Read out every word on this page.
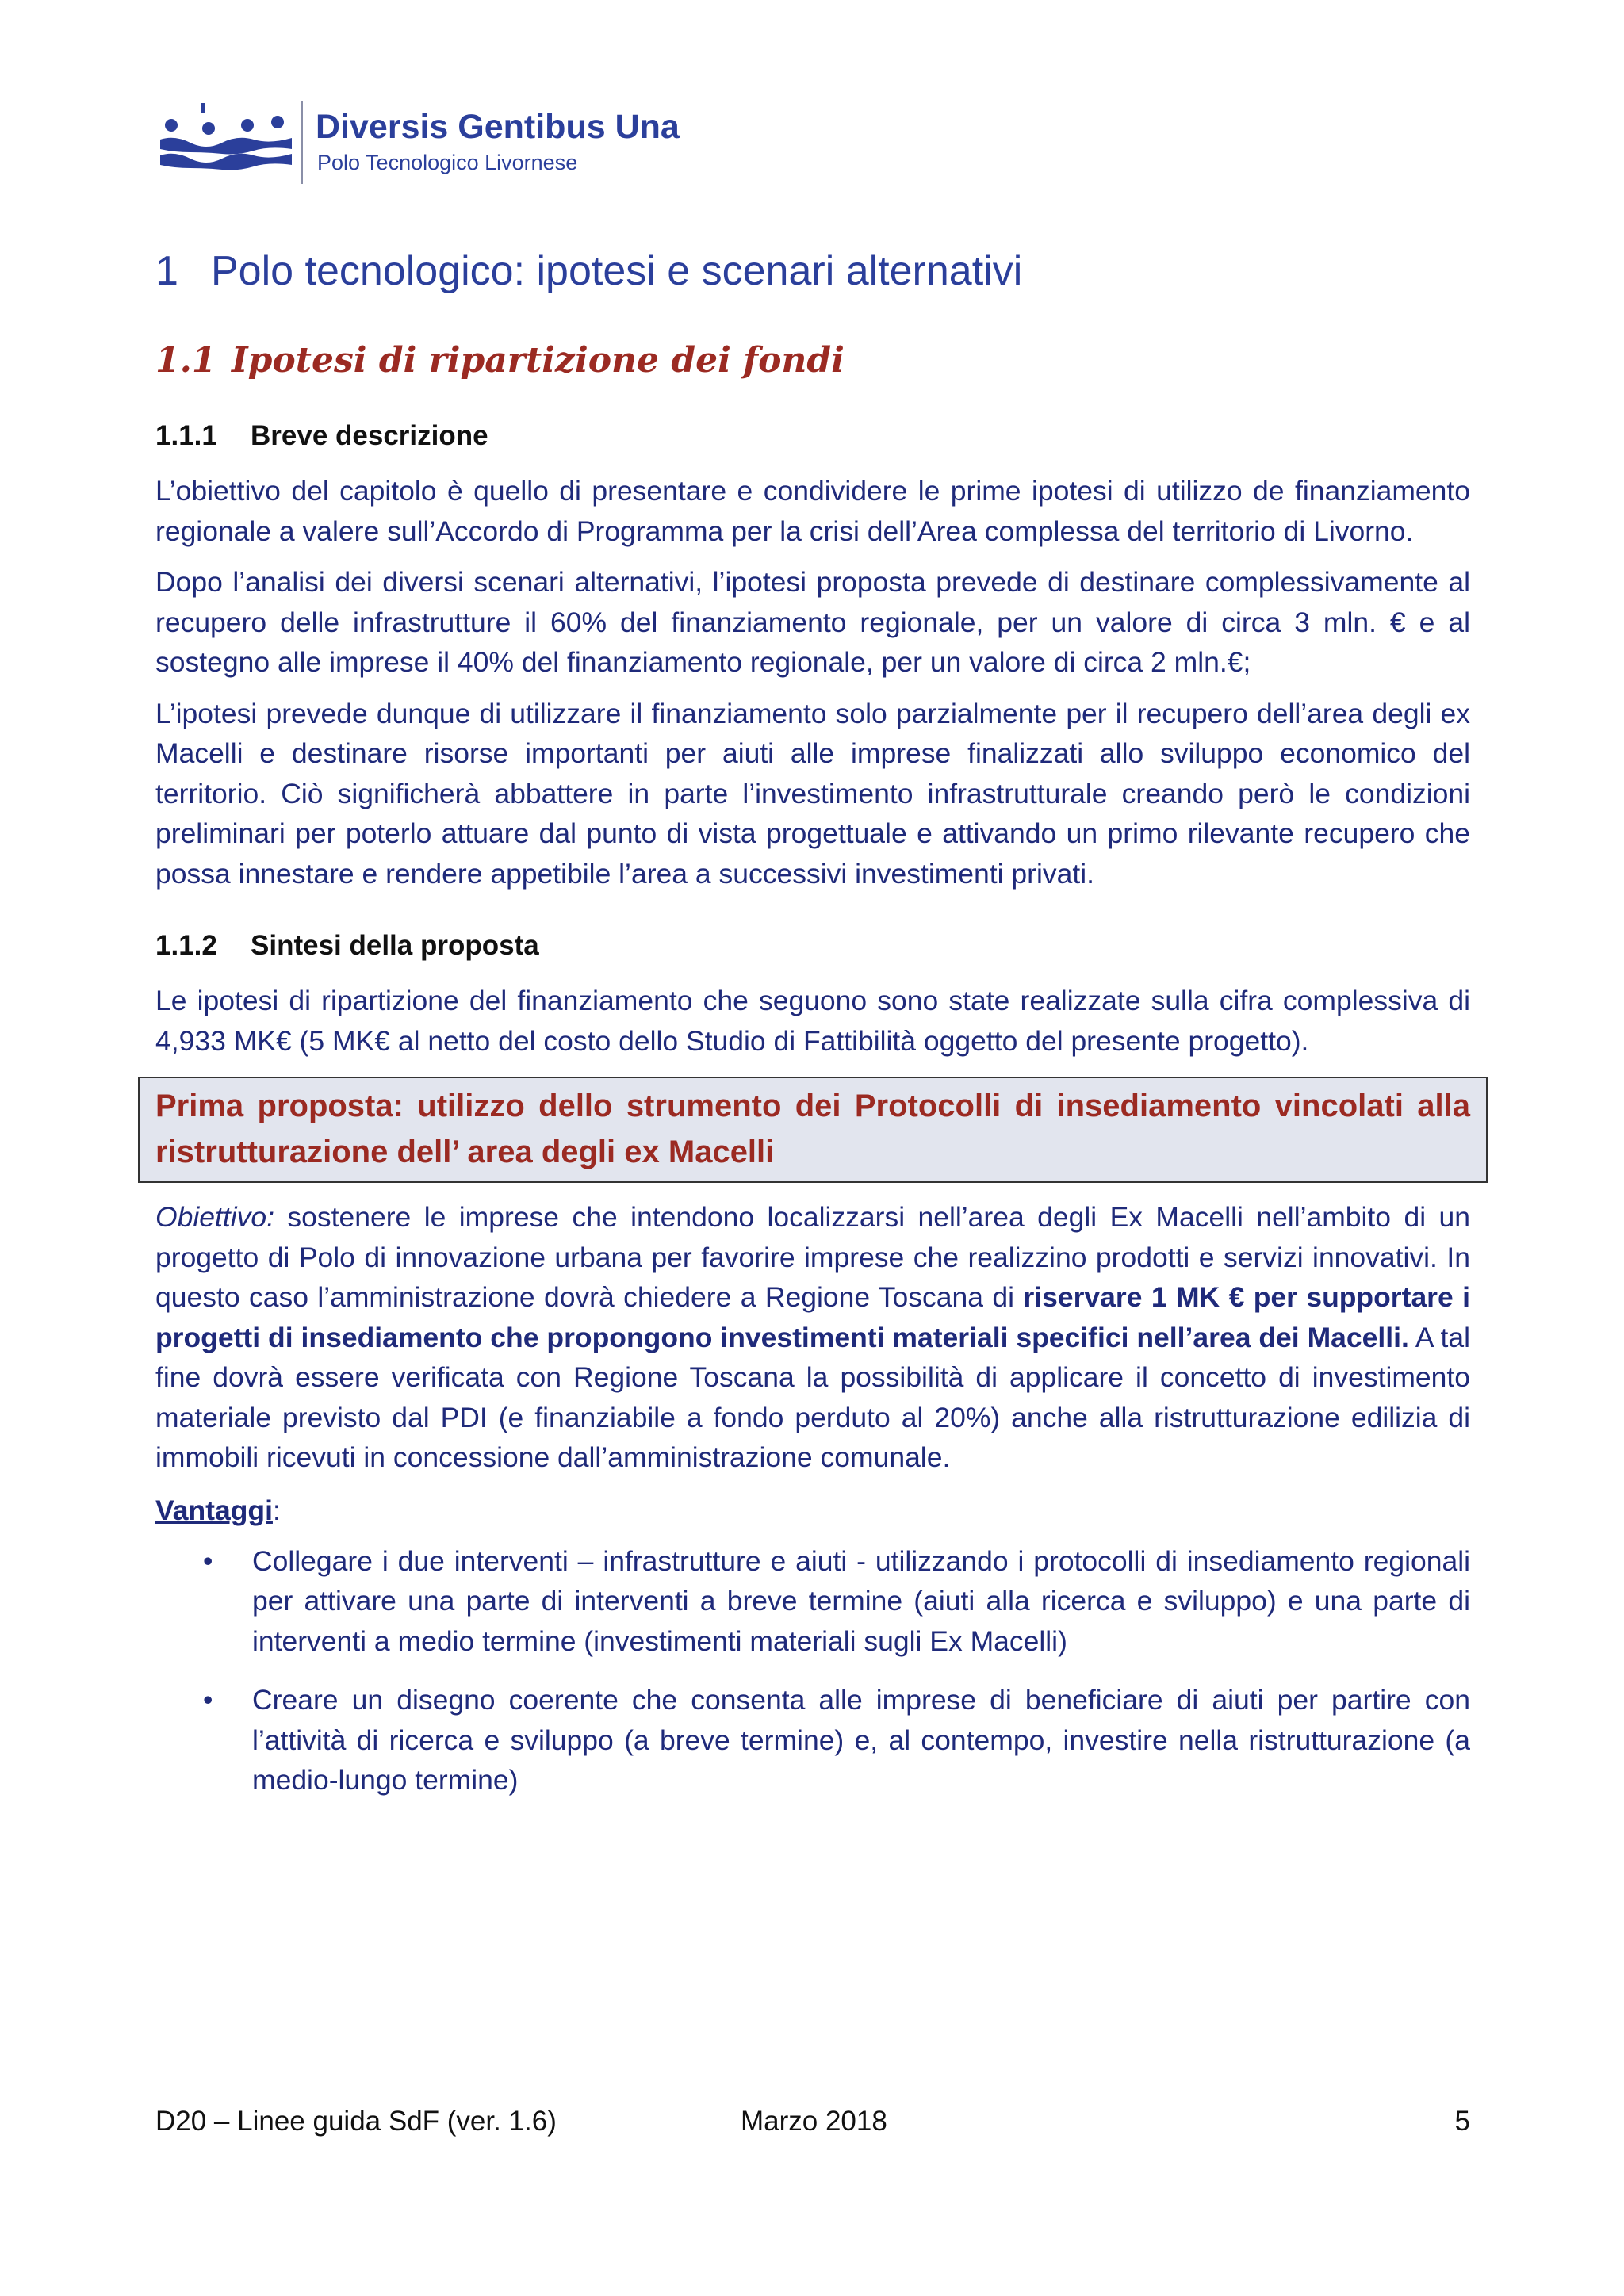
Diversis Gentibus Una
Polo Tecnologico Livornese
1 Polo tecnologico: ipotesi e scenari alternativi
1.1 Ipotesi di ripartizione dei fondi
1.1.1 Breve descrizione

L’obiettivo del capitolo è quello di presentare e condividere le prime ipotesi di utilizzo de finanziamento regionale a valere sull’Accordo di Programma per la crisi dell’Area complessa del territorio di Livorno.

Dopo l’analisi dei diversi scenari alternativi, l’ipotesi proposta prevede di destinare complessivamente al recupero delle infrastrutture il 60% del finanziamento regionale, per un valore di circa 3 mln. € e al sostegno alle imprese il 40% del finanziamento regionale, per un valore di circa 2 mln.€;

L’ipotesi prevede dunque di utilizzare il finanziamento solo parzialmente per il recupero dell’area degli ex Macelli e destinare risorse importanti per aiuti alle imprese finalizzati allo sviluppo economico del territorio. Ciò significherà abbattere in parte l’investimento infrastrutturale creando però le condizioni preliminari per poterlo attuare dal punto di vista progettuale e attivando un primo rilevante recupero che possa innestare e rendere appetibile l’area a successivi investimenti privati.

1.1.2 Sintesi della proposta

Le ipotesi di ripartizione del finanziamento che seguono sono state realizzate sulla cifra complessiva di 4,933 MK€ (5 MK€ al netto del costo dello Studio di Fattibilità oggetto del presente progetto).

Prima proposta: utilizzo dello strumento dei Protocolli di insediamento vincolati alla ristrutturazione dell’ area degli ex Macelli

Obiettivo: sostenere le imprese che intendono localizzarsi nell’area degli Ex Macelli nell’ambito di un progetto di Polo di innovazione urbana per favorire imprese che realizzino prodotti e servizi innovativi. In questo caso l’amministrazione dovrà chiedere a Regione Toscana di riservare 1 MK € per supportare i progetti di insediamento che propongono investimenti materiali specifici nell’area dei Macelli. A tal fine dovrà essere verificata con Regione Toscana la possibilità di applicare il concetto di investimento materiale previsto dal PDI (e finanziabile a fondo perduto al 20%) anche alla ristrutturazione edilizia di immobili ricevuti in concessione dall’amministrazione comunale.

Vantaggi:
• Collegare i due interventi – infrastrutture e aiuti - utilizzando i protocolli di insediamento regionali per attivare una parte di interventi a breve termine (aiuti alla ricerca e sviluppo) e una parte di interventi a medio termine (investimenti materiali sugli Ex Macelli)
• Creare un disegno coerente che consenta alle imprese di beneficiare di aiuti per partire con l’attività di ricerca e sviluppo (a breve termine) e, al contempo, investire nella ristrutturazione (a medio-lungo termine)
D20 – Linee guida SdF (ver. 1.6)	Marzo 2018	5
